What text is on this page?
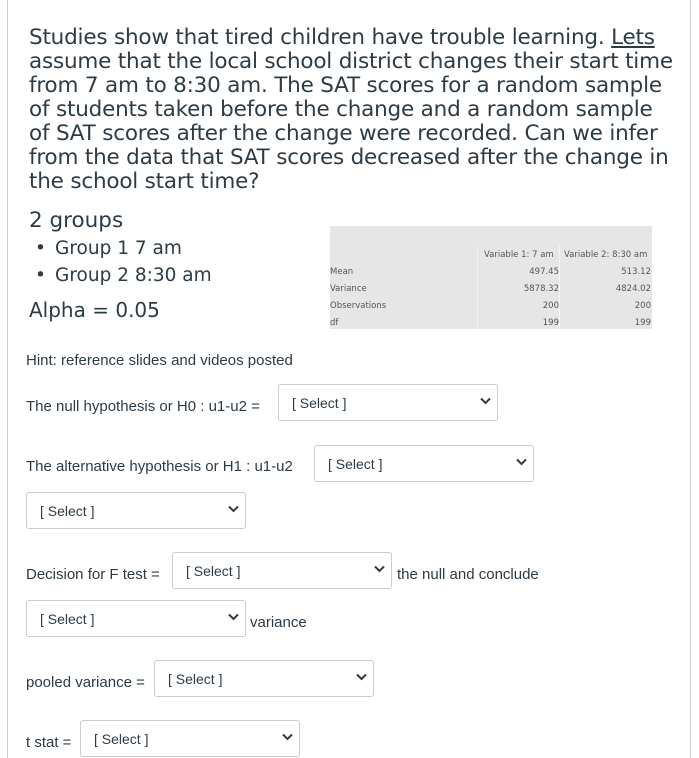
Studies show that tired children have trouble learning. Lets assume that the local school district changes their start time from 7 am to 8:30 am. The SAT scores for a random sample of students taken before the change and a random sample of SAT scores after the change were recorded. Can we infer from the data that SAT scores decreased after the change in the school start time?

2 groups
• Group 1 7 am
• Group 2 8:30 am
Alpha = 0.05
Variable 1: 7 am Variable 2: 8:30 am
Mean	497.45	513.12
Variance	5878.32	4824.02
Observations	200	200
df	199	199
Hint: reference slides and videos posted
The null hypothesis or H0 : u1-u2 = [ Select ]
The alternative hypothesis or H1 : u1-u2	[ Select ]
[ Select ]
Decision for F test = [ Select ]	the null and conclude
[ Select ]	variance
pooled variance = [ Select ]
t stat = [ Select ]
